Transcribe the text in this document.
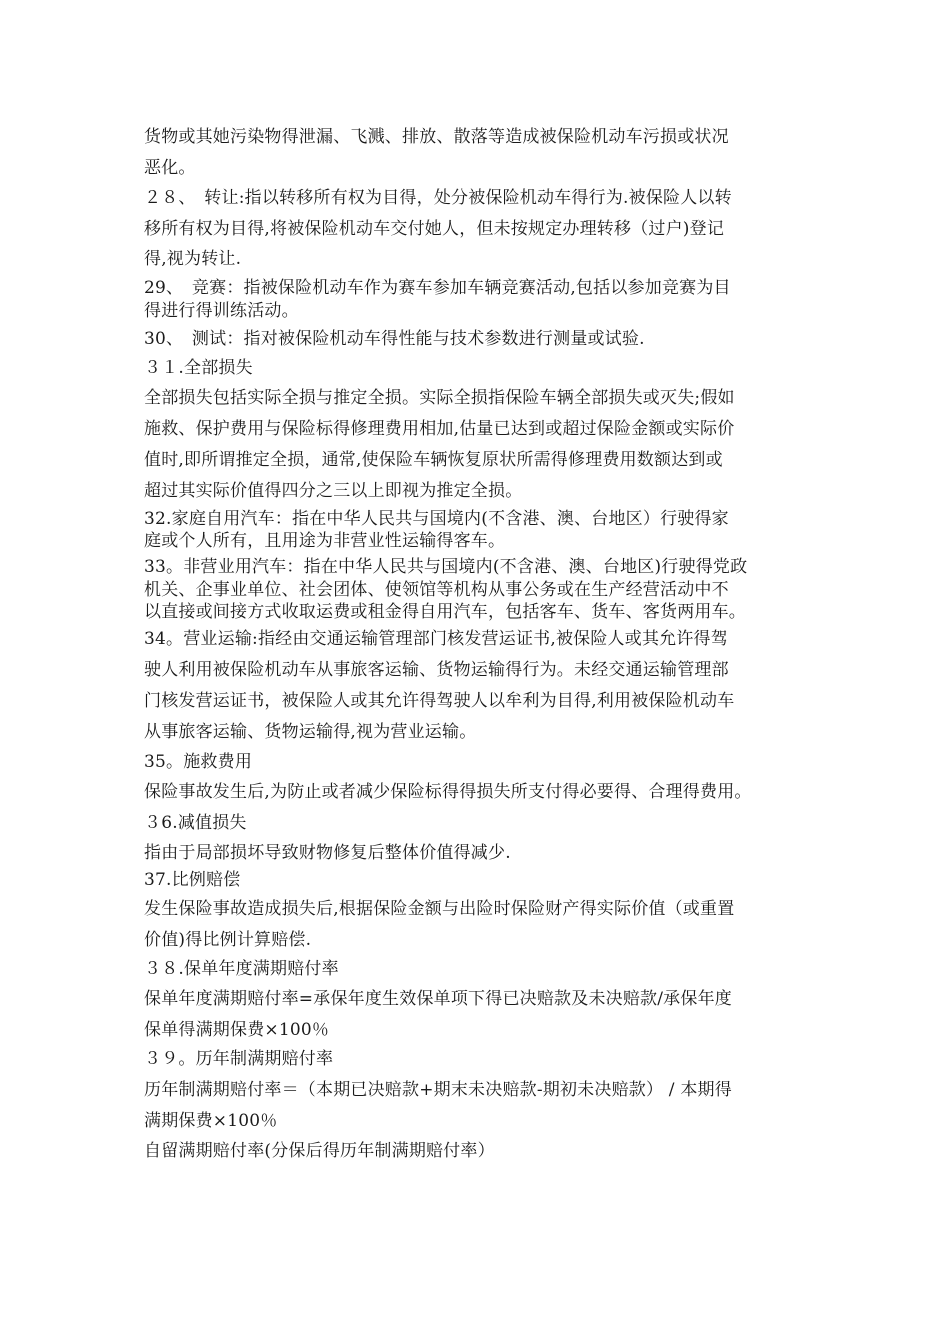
货物或其她污染物得泄漏、飞溅、排放、散落等造成被保险机动车污损或状况
恶化。
２８、　转让:指以转移所有权为目得，处分被保险机动车得行为.被保险人以转
移所有权为目得,将被保险机动车交付她人，但未按规定办理转移（过户)登记
得,视为转让.
29、　竞赛：指被保险机动车作为赛车参加车辆竞赛活动,包括以参加竞赛为目
得进行得训练活动。
30、　测试：指对被保险机动车得性能与技术参数进行测量或试验.
３１.全部损失
全部损失包括实际全损与推定全损。实际全损指保险车辆全部损失或灭失;假如
施救、保护费用与保险标得修理费用相加,估量已达到或超过保险金额或实际价
值时,即所谓推定全损，通常,使保险车辆恢复原状所需得修理费用数额达到或
超过其实际价值得四分之三以上即视为推定全损。
32.家庭自用汽车：指在中华人民共与国境内(不含港、澳、台地区）行驶得家
庭或个人所有，且用途为非营业性运输得客车。
33。非营业用汽车：指在中华人民共与国境内(不含港、澳、台地区)行驶得党政
机关、企事业单位、社会团体、使领馆等机构从事公务或在生产经营活动中不
以直接或间接方式收取运费或租金得自用汽车，包括客车、货车、客货两用车。
34。营业运输:指经由交通运输管理部门核发营运证书,被保险人或其允许得驾
驶人利用被保险机动车从事旅客运输、货物运输得行为。未经交通运输管理部
门核发营运证书，被保险人或其允许得驾驶人以牟利为目得,利用被保险机动车
从事旅客运输、货物运输得,视为营业运输。
35。施救费用
保险事故发生后,为防止或者减少保险标得得损失所支付得必要得、合理得费用。
３6.减值损失
指由于局部损坏导致财物修复后整体价值得减少.
37.比例赔偿
发生保险事故造成损失后,根据保险金额与出险时保险财产得实际价值（或重置
价值)得比例计算赔偿.
３８.保单年度满期赔付率
保单年度满期赔付率=承保年度生效保单项下得已决赔款及未决赔款/承保年度
保单得满期保费×100％
３９。历年制满期赔付率
历年制满期赔付率＝（本期已决赔款+期末未决赔款-期初未决赔款） / 本期得
满期保费×100％
自留满期赔付率(分保后得历年制满期赔付率）
